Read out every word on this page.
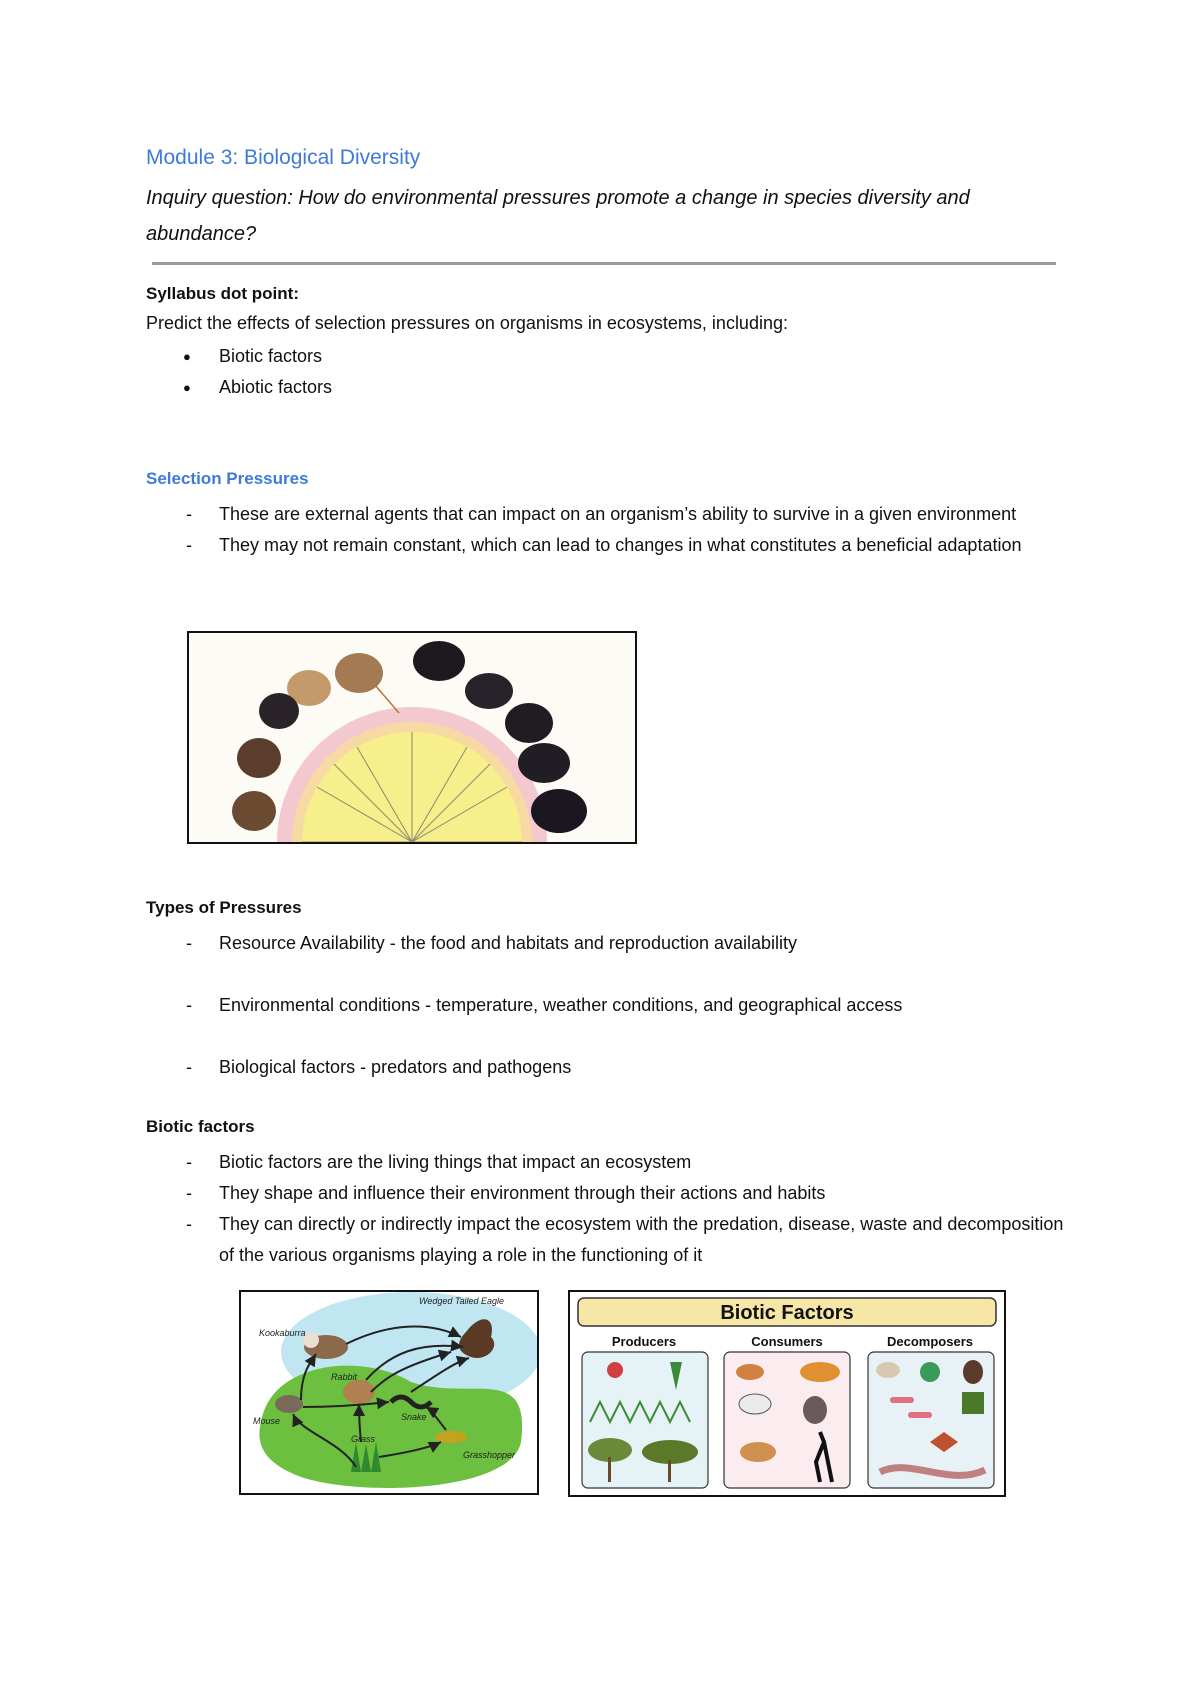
Module 3: Biological Diversity

Inquiry question: How do environmental pressures promote a change in species diversity and abundance?

Syllabus dot point:

Predict the effects of selection pressures on organisms in ecosystems, including:

● Biotic factors
● Abiotic factors

Selection Pressures

- These are external agents that can impact on an organism’s ability to survive in a given environment
- They may not remain constant, which can lead to changes in what constitutes a beneficial adaptation

Types of Pressures

- Resource Availability - the food and habitats and reproduction availability
- Environmental conditions - temperature, weather conditions, and geographical access
- Biological factors - predators and pathogens

Biotic factors

- Biotic factors are the living things that impact an ecosystem
- They shape and influence their environment through their actions and habits
- They can directly or indirectly impact the ecosystem with the predation, disease, waste and decomposition of the various organisms playing a role in the functioning of it
Wedged Tailed Eagle
Kookaburra
Rabbit
Mouse	Snake
Grass
Grasshopper
Biotic Factors
Producers	Consumers	Decomposers
